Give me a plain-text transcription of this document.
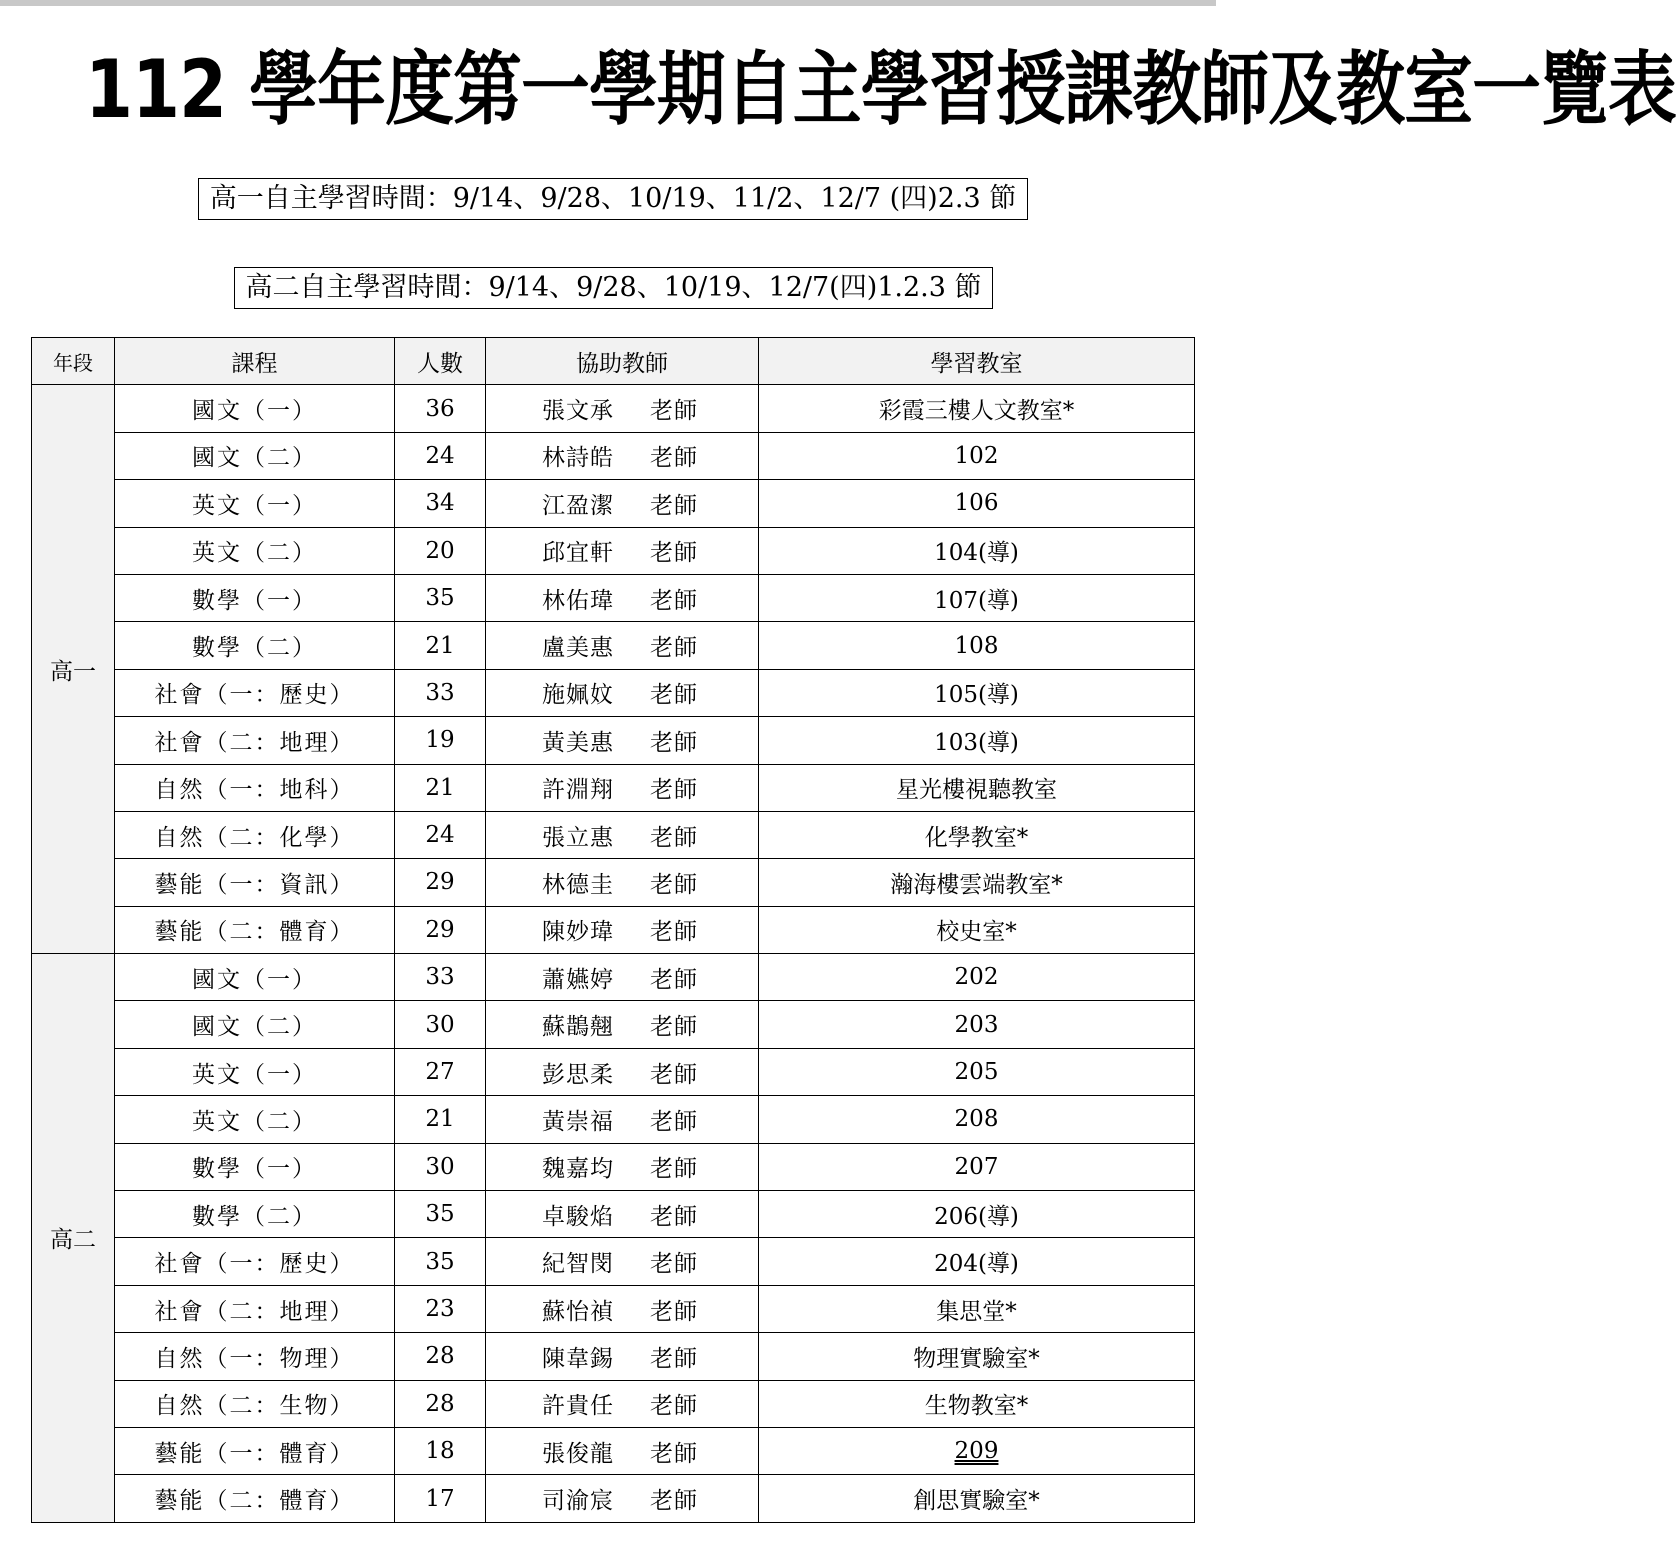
112 學年度第一學期自主學習授課教師及教室一覽表
高一自主學習時間：9/14、9/28、10/19、11/2、12/7 (四)2.3 節
高二自主學習時間：9/14、9/28、10/19、12/7(四)1.2.3 節
年段	課程	人數	協助教師	學習教室
高一	國文（一）	36	張文承 老師	彩霞三樓人文教室*
	國文（二）	24	林詩皓 老師	102
	英文（一）	34	江盈潔 老師	106
	英文（二）	20	邱宜軒 老師	104(導)
	數學（一）	35	林佑瑋 老師	107(導)
	數學（二）	21	盧美惠 老師	108
	社會（一：歷史）	33	施姵妏 老師	105(導)
	社會（二：地理）	19	黃美惠 老師	103(導)
	自然（一：地科）	21	許淵翔 老師	星光樓視聽教室
	自然（二：化學）	24	張立惠 老師	化學教室*
	藝能（一：資訊）	29	林德圭 老師	瀚海樓雲端教室*
	藝能（二：體育）	29	陳妙瑋 老師	校史室*
高二	國文（一）	33	蕭嬿婷 老師	202
	國文（二）	30	蘇鵲翹 老師	203
	英文（一）	27	彭思柔 老師	205
	英文（二）	21	黃崇福 老師	208
	數學（一）	30	魏嘉均 老師	207
	數學（二）	35	卓駿焰 老師	206(導)
	社會（一：歷史）	35	紀智閔 老師	204(導)
	社會（二：地理）	23	蘇怡禎 老師	集思堂*
	自然（一：物理）	28	陳韋錫 老師	物理實驗室*
	自然（二：生物）	28	許貴任 老師	生物教室*
	藝能（一：體育）	18	張俊龍 老師	209
	藝能（二：體育）	17	司渝宸 老師	創思實驗室*
